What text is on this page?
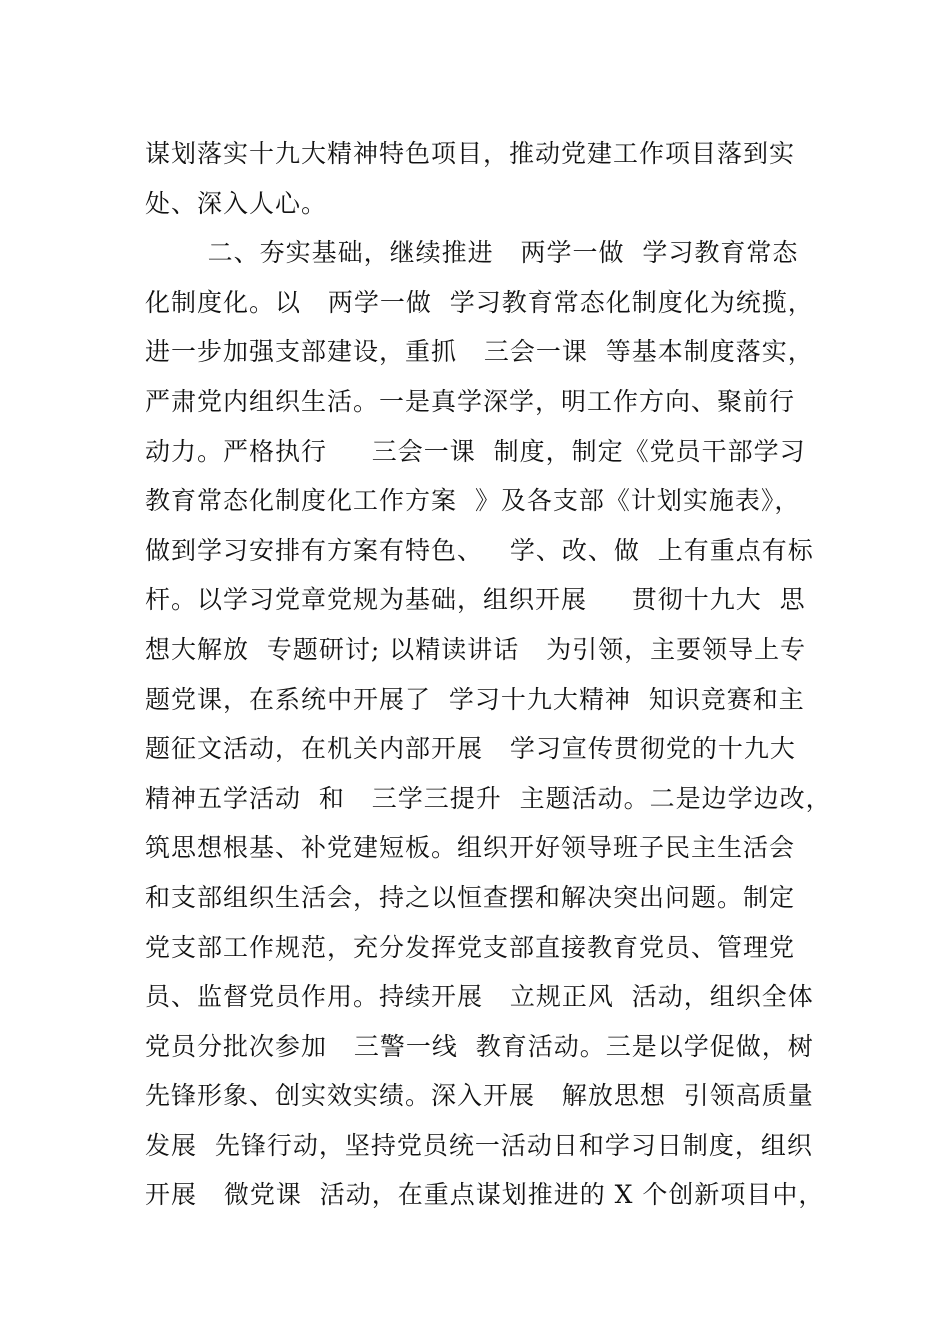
谋划落实十九大精神特色项目，推动党建工作项目落到实
处、深入人心。
二、夯实基础，继续推进   两学一做  学习教育常态
化制度化。以   两学一做  学习教育常态化制度化为统揽，
进一步加强支部建设，重抓   三会一课  等基本制度落实，
严肃党内组织生活。一是真学深学，明工作方向、聚前行
动力。严格执行     三会一课  制度，制定《党员干部学习
教育常态化制度化工作方案  》及各支部《计划实施表》，
做到学习安排有方案有特色、   学、改、做  上有重点有标
杆。以学习党章党规为基础，组织开展     贯彻十九大  思
想大解放  专题研讨; 以精读讲话   为引领，主要领导上专
题党课，在系统中开展了  学习十九大精神  知识竞赛和主
题征文活动，在机关内部开展   学习宣传贯彻党的十九大
精神五学活动  和   三学三提升  主题活动。二是边学边改，
筑思想根基、补党建短板。组织开好领导班子民主生活会
和支部组织生活会，持之以恒查摆和解决突出问题。制定
党支部工作规范，充分发挥党支部直接教育党员、管理党
员、监督党员作用。持续开展   立规正风  活动，组织全体
党员分批次参加   三警一线  教育活动。三是以学促做，树
先锋形象、创实效实绩。深入开展   解放思想  引领高质量
发展  先锋行动，坚持党员统一活动日和学习日制度，组织
开展   微党课  活动，在重点谋划推进的 X 个创新项目中，
